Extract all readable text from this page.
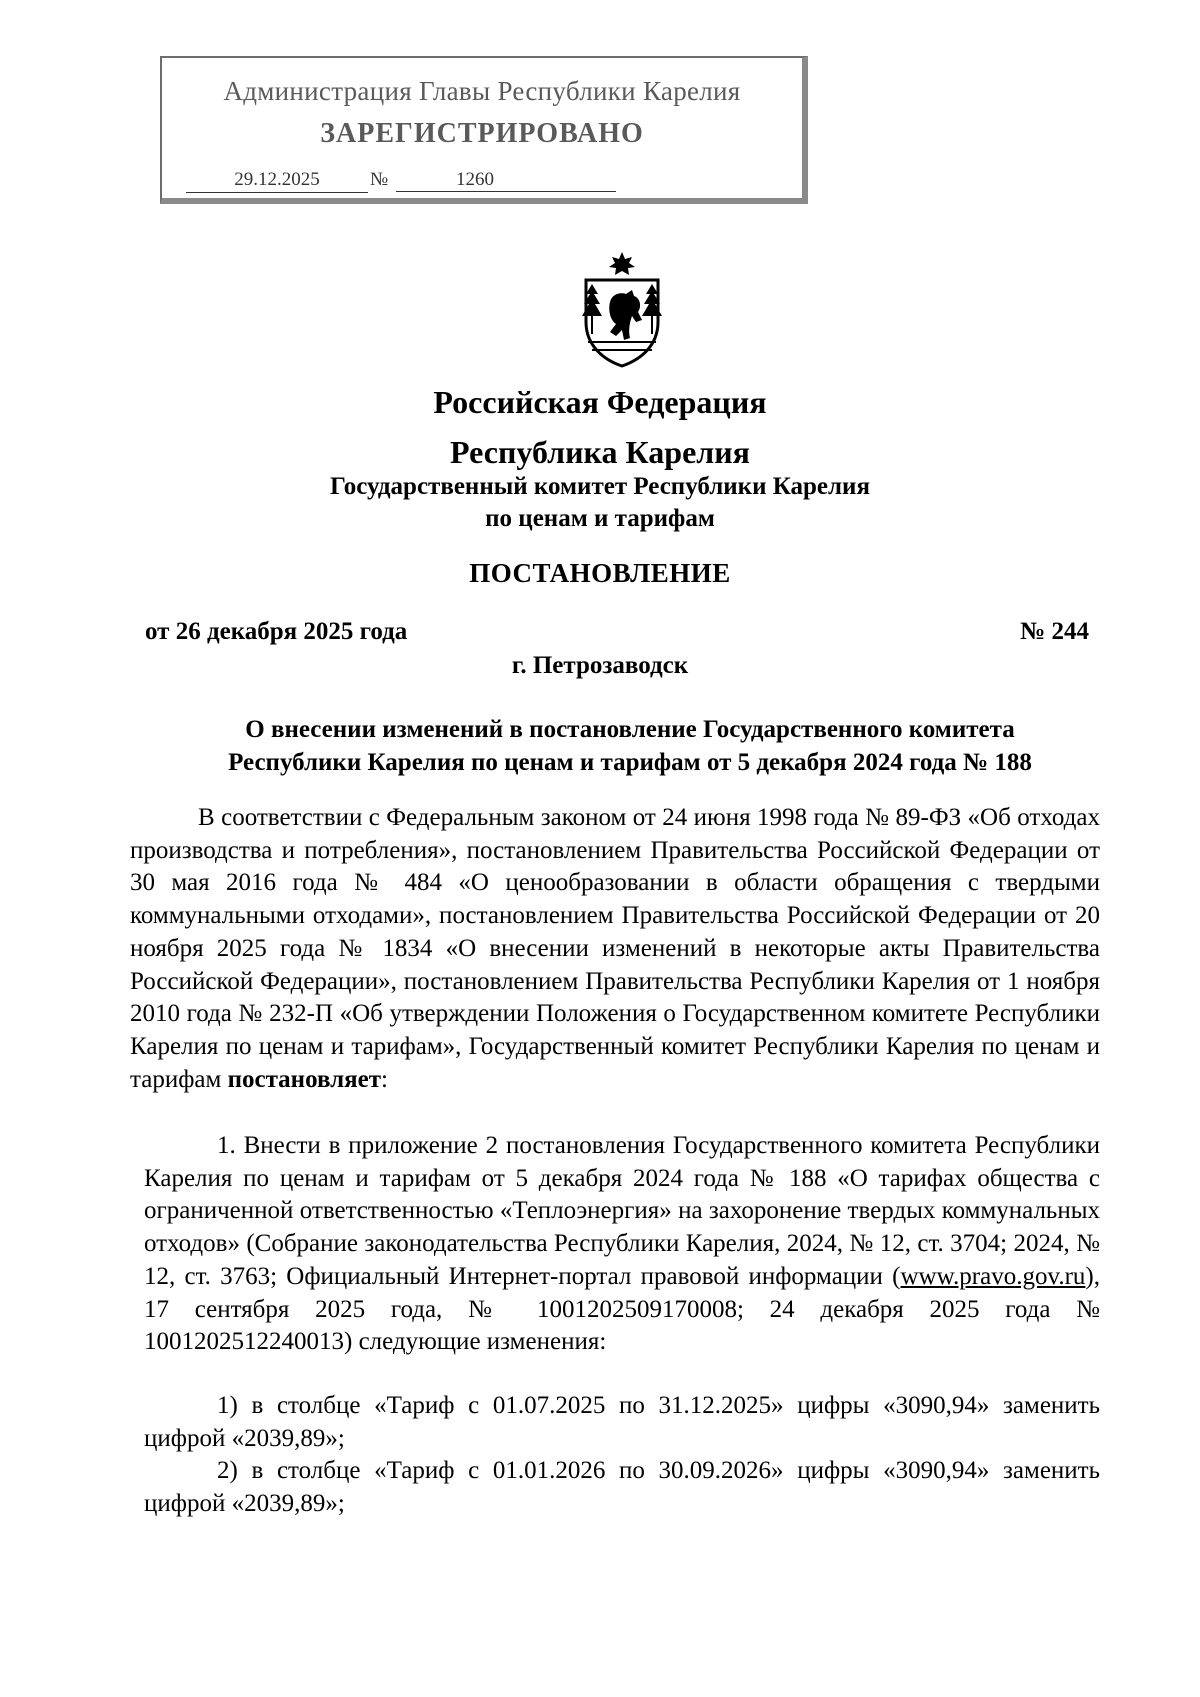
Администрация Главы Республики Карелия
ЗАРЕГИСТРИРОВАНО
29.12.2025	№	1260
Российская Федерация
Республика Карелия
Государственный комитет Республики Карелия
по ценам и тарифам
ПОСТАНОВЛЕНИЕ
от 26 декабря 2025 года	№ 244
г. Петрозаводск
О внесении изменений в постановление Государственного комитета
Республики Карелия по ценам и тарифам от 5 декабря 2024 года № 188
В соответствии с Федеральным законом от 24 июня 1998 года № 89-ФЗ «Об отходах производства и потребления», постановлением Правительства Российской Федерации от 30 мая 2016 года № 484 «О ценообразовании в области обращения с твердыми коммунальными отходами», постановлением Правительства Российской Федерации от 20 ноября 2025 года № 1834 «О внесении изменений в некоторые акты Правительства Российской Федерации», постановлением Правительства Республики Карелия от 1 ноября 2010 года № 232-П «Об утверждении Положения о Государственном комитете Республики Карелия по ценам и тарифам», Государственный комитет Республики Карелия по ценам и тарифам постановляет:
1. Внести в приложение 2 постановления Государственного комитета Республики Карелия по ценам и тарифам от 5 декабря 2024 года № 188 «О тарифах общества с ограниченной ответственностью «Теплоэнергия» на захоронение твердых коммунальных отходов» (Собрание законодательства Республики Карелия, 2024, № 12, ст. 3704; 2024, № 12, ст. 3763; Официальный Интернет-портал правовой информации (www.pravo.gov.ru), 17 сентября 2025 года, № 1001202509170008; 24 декабря 2025 года № 1001202512240013) следующие изменения:
1) в столбце «Тариф с 01.07.2025 по 31.12.2025» цифры «3090,94» заменить цифрой «2039,89»;
2) в столбце «Тариф с 01.01.2026 по 30.09.2026» цифры «3090,94» заменить цифрой «2039,89»;
